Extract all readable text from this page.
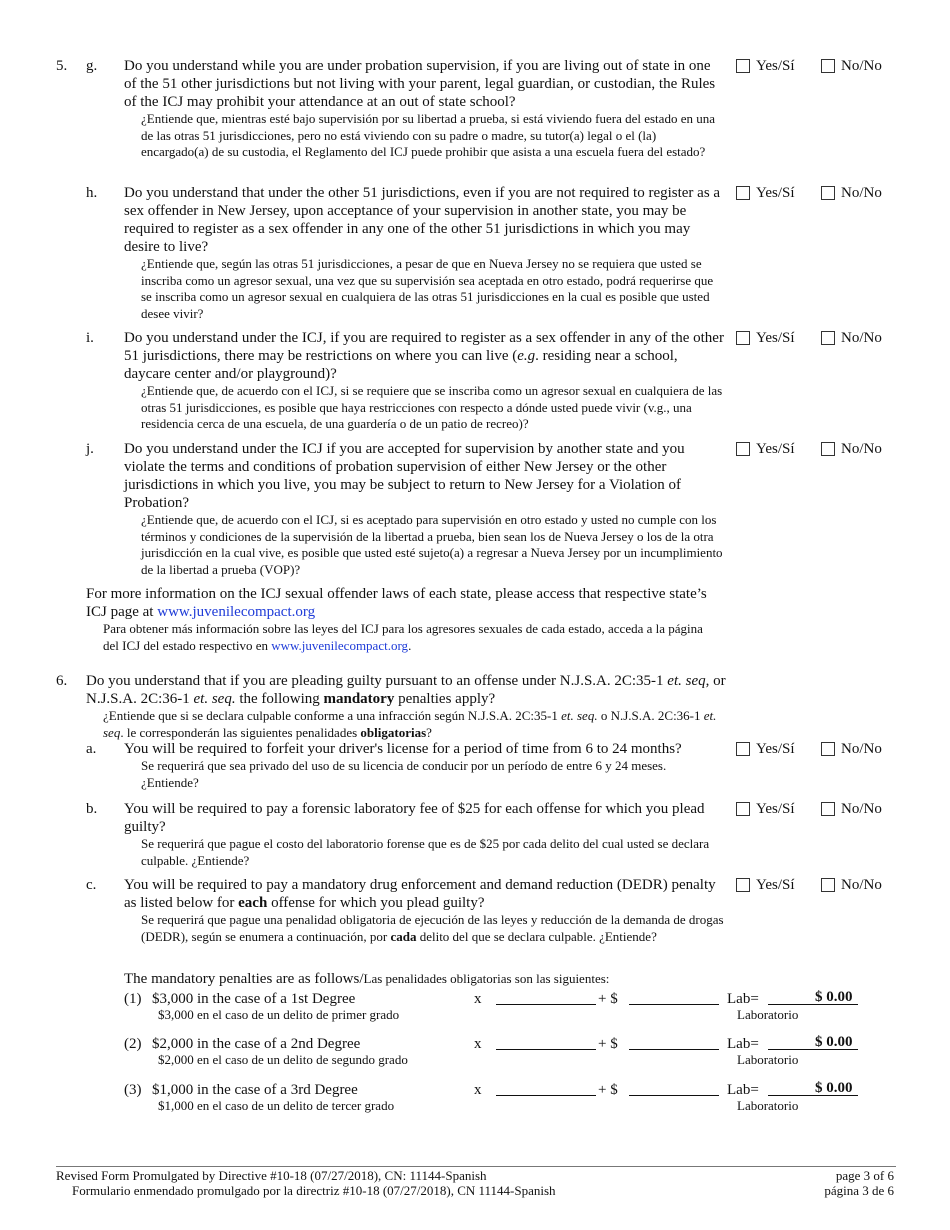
5. g. Do you understand while you are under probation supervision, if you are living out of state in one of the 51 other jurisdictions but not living with your parent, legal guardian, or custodian, the Rules of the ICJ may prohibit your attendance at an out of state school?
¿Entiende que, mientras esté bajo supervisión por su libertad a prueba, si está viviendo fuera del estado en una de las otras 51 jurisdicciones, pero no está viviendo con su padre o madre, su tutor(a) legal o el (la) encargado(a) de su custodia, el Reglamento del ICJ puede prohibir que asista a una escuela fuera del estado?
Yes/Sí	No/No
h. Do you understand that under the other 51 jurisdictions, even if you are not required to register as a sex offender in New Jersey, upon acceptance of your supervision in another state, you may be required to register as a sex offender in any one of the other 51 jurisdictions in which you may desire to live?
¿Entiende que, según las otras 51 jurisdicciones, a pesar de que en Nueva Jersey no se requiera que usted se inscriba como un agresor sexual, una vez que su supervisión sea aceptada en otro estado, podrá requerirse que se inscriba como un agresor sexual en cualquiera de las otras 51 jurisdicciones en la cual es posible que usted desee vivir?
Yes/Sí	No/No
i. Do you understand under the ICJ, if you are required to register as a sex offender in any of the other 51 jurisdictions, there may be restrictions on where you can live (e.g. residing near a school, daycare center and/or playground)?
¿Entiende que, de acuerdo con el ICJ, si se requiere que se inscriba como un agresor sexual en cualquiera de las otras 51 jurisdicciones, es posible que haya restricciones con respecto a dónde usted puede vivir (v.g., una residencia cerca de una escuela, de una guardería o de un patio de recreo)?
Yes/Sí	No/No
j. Do you understand under the ICJ if you are accepted for supervision by another state and you violate the terms and conditions of probation supervision of either New Jersey or the other jurisdictions in which you live, you may be subject to return to New Jersey for a Violation of Probation?
¿Entiende que, de acuerdo con el ICJ, si es aceptado para supervisión en otro estado y usted no cumple con los términos y condiciones de la supervisión de la libertad a prueba, bien sean los de Nueva Jersey o los de la otra jurisdicción en la cual vive, es posible que usted esté sujeto(a) a regresar a Nueva Jersey por un incumplimiento de la libertad a prueba (VOP)?
Yes/Sí	No/No
For more information on the ICJ sexual offender laws of each state, please access that respective state’s ICJ page at www.juvenilecompact.org
Para obtener más información sobre las leyes del ICJ para los agresores sexuales de cada estado, acceda a la página del ICJ del estado respectivo en www.juvenilecompact.org.
6. Do you understand that if you are pleading guilty pursuant to an offense under N.J.S.A. 2C:35-1 et. seq, or N.J.S.A. 2C:36-1 et. seq. the following mandatory penalties apply?
¿Entiende que si se declara culpable conforme a una infracción según N.J.S.A. 2C:35-1 et. seq. o N.J.S.A. 2C:36-1 et. seq. le corresponderán las siguientes penalidades obligatorias?
a. You will be required to forfeit your driver's license for a period of time from 6 to 24 months?
Se requerirá que sea privado del uso de su licencia de conducir por un período de entre 6 y 24 meses. ¿Entiende?
Yes/Sí	No/No
b. You will be required to pay a forensic laboratory fee of $25 for each offense for which you plead guilty?
Se requerirá que pague el costo del laboratorio forense que es de $25 por cada delito del cual usted se declara culpable. ¿Entiende?
Yes/Sí	No/No
c. You will be required to pay a mandatory drug enforcement and demand reduction (DEDR) penalty as listed below for each offense for which you plead guilty?
Se requerirá que pague una penalidad obligatoria de ejecución de las leyes y reducción de la demanda de drogas (DEDR), según se enumera a continuación, por cada delito del que se declara culpable. ¿Entiende?
Yes/Sí	No/No
The mandatory penalties are as follows/Las penalidades obligatorias son las siguientes:
(1) $3,000 in the case of a 1st Degree
$3,000 en el caso de un delito de primer grado
x	+ $	Lab=	$ 0.00
Laboratorio
(2) $2,000 in the case of a 2nd Degree
$2,000 en el caso de un delito de segundo grado
x	+ $	Lab=	$ 0.00
Laboratorio
(3) $1,000 in the case of a 3rd Degree
$1,000 en el caso de un delito de tercer grado
x	+ $	Lab=	$ 0.00
Laboratorio
Revised Form Promulgated by Directive #10-18 (07/27/2018), CN: 11144-Spanish
Formulario enmendado promulgado por la directriz #10-18 (07/27/2018), CN 11144-Spanish
page 3 of 6
página 3 de 6
